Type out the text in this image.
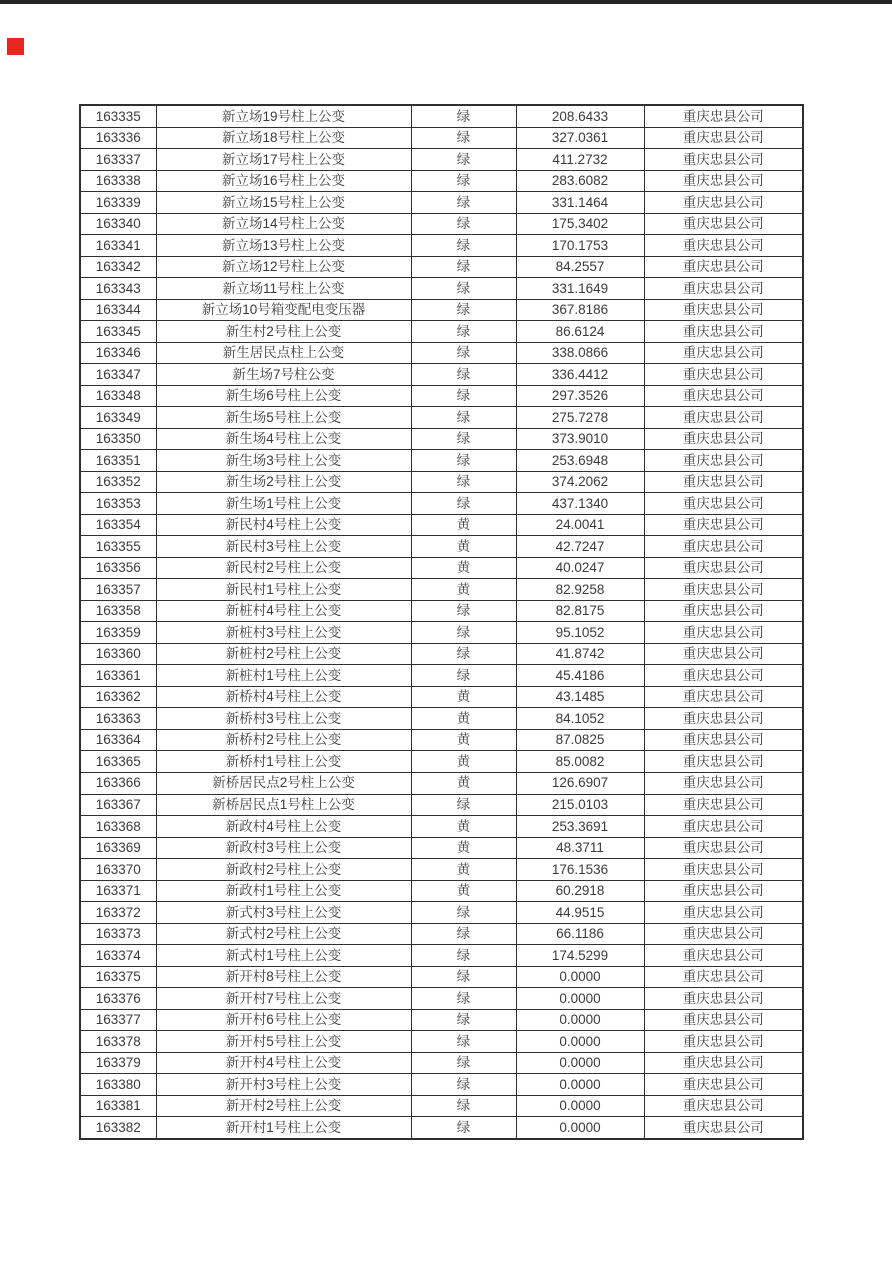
163335	新立场19号柱上公变	绿	208.6433	重庆忠县公司
163336	新立场18号柱上公变	绿	327.0361	重庆忠县公司
163337	新立场17号柱上公变	绿	411.2732	重庆忠县公司
163338	新立场16号柱上公变	绿	283.6082	重庆忠县公司
163339	新立场15号柱上公变	绿	331.1464	重庆忠县公司
163340	新立场14号柱上公变	绿	175.3402	重庆忠县公司
163341	新立场13号柱上公变	绿	170.1753	重庆忠县公司
163342	新立场12号柱上公变	绿	84.2557	重庆忠县公司
163343	新立场11号柱上公变	绿	331.1649	重庆忠县公司
163344	新立场10号箱变配电变压器	绿	367.8186	重庆忠县公司
163345	新生村2号柱上公变	绿	86.6124	重庆忠县公司
163346	新生居民点柱上公变	绿	338.0866	重庆忠县公司
163347	新生场7号柱公变	绿	336.4412	重庆忠县公司
163348	新生场6号柱上公变	绿	297.3526	重庆忠县公司
163349	新生场5号柱上公变	绿	275.7278	重庆忠县公司
163350	新生场4号柱上公变	绿	373.9010	重庆忠县公司
163351	新生场3号柱上公变	绿	253.6948	重庆忠县公司
163352	新生场2号柱上公变	绿	374.2062	重庆忠县公司
163353	新生场1号柱上公变	绿	437.1340	重庆忠县公司
163354	新民村4号柱上公变	黄	24.0041	重庆忠县公司
163355	新民村3号柱上公变	黄	42.7247	重庆忠县公司
163356	新民村2号柱上公变	黄	40.0247	重庆忠县公司
163357	新民村1号柱上公变	黄	82.9258	重庆忠县公司
163358	新桩村4号柱上公变	绿	82.8175	重庆忠县公司
163359	新桩村3号柱上公变	绿	95.1052	重庆忠县公司
163360	新桩村2号柱上公变	绿	41.8742	重庆忠县公司
163361	新桩村1号柱上公变	绿	45.4186	重庆忠县公司
163362	新桥村4号柱上公变	黄	43.1485	重庆忠县公司
163363	新桥村3号柱上公变	黄	84.1052	重庆忠县公司
163364	新桥村2号柱上公变	黄	87.0825	重庆忠县公司
163365	新桥村1号柱上公变	黄	85.0082	重庆忠县公司
163366	新桥居民点2号柱上公变	黄	126.6907	重庆忠县公司
163367	新桥居民点1号柱上公变	绿	215.0103	重庆忠县公司
163368	新政村4号柱上公变	黄	253.3691	重庆忠县公司
163369	新政村3号柱上公变	黄	48.3711	重庆忠县公司
163370	新政村2号柱上公变	黄	176.1536	重庆忠县公司
163371	新政村1号柱上公变	黄	60.2918	重庆忠县公司
163372	新式村3号柱上公变	绿	44.9515	重庆忠县公司
163373	新式村2号柱上公变	绿	66.1186	重庆忠县公司
163374	新式村1号柱上公变	绿	174.5299	重庆忠县公司
163375	新开村8号柱上公变	绿	0.0000	重庆忠县公司
163376	新开村7号柱上公变	绿	0.0000	重庆忠县公司
163377	新开村6号柱上公变	绿	0.0000	重庆忠县公司
163378	新开村5号柱上公变	绿	0.0000	重庆忠县公司
163379	新开村4号柱上公变	绿	0.0000	重庆忠县公司
163380	新开村3号柱上公变	绿	0.0000	重庆忠县公司
163381	新开村2号柱上公变	绿	0.0000	重庆忠县公司
163382	新开村1号柱上公变	绿	0.0000	重庆忠县公司
